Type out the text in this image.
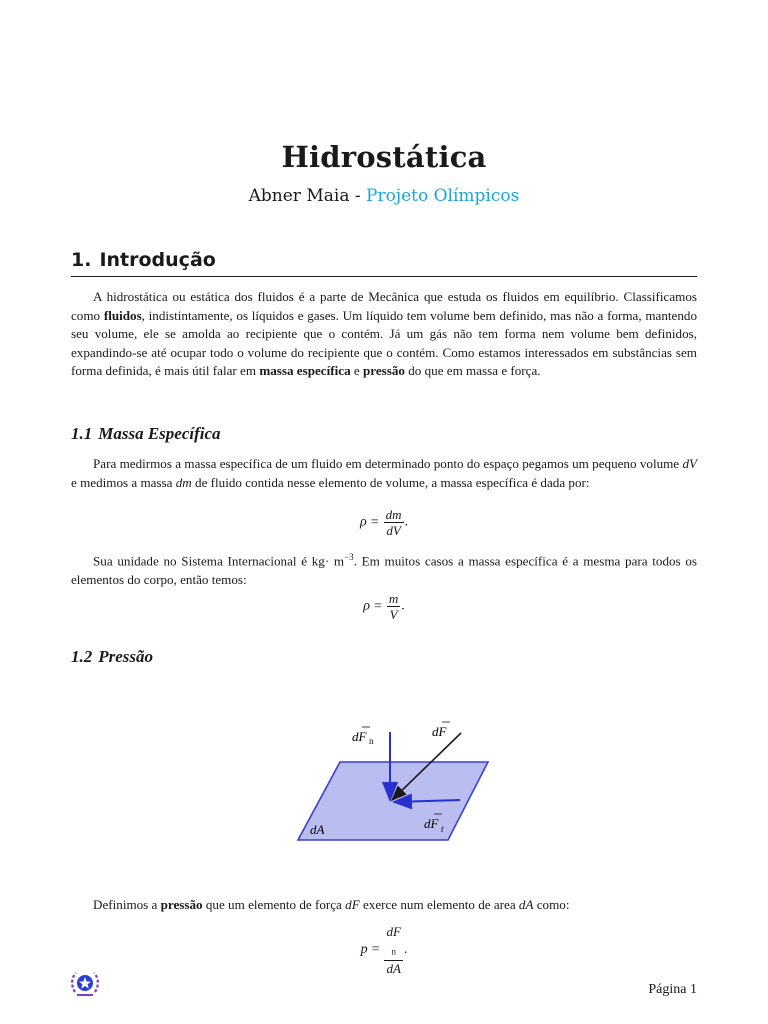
Hidrostática
Abner Maia - Projeto Olímpicos
1. Introdução

A hidrostática ou estática dos fluidos é a parte de Mecânica que estuda os fluidos em equilíbrio. Classificamos como fluidos, indistintamente, os líquidos e gases. Um líquido tem volume bem definido, mas não a forma, mantendo seu volume, ele se amolda ao recipiente que o contém. Já um gás não tem forma nem volume bem definidos, expandindo-se até ocupar todo o volume do recipiente que o contém. Como estamos interessados em substâncias sem forma definida, é mais útil falar em massa específica e pressão do que em massa e força.

1.1 Massa Específica

Para medirmos a massa específica de um fluido em determinado ponto do espaço pegamos um pequeno volume dV e medimos a massa dm de fluido contida nesse elemento de volume, a massa específica é dada por:

$\rho = \frac{dm}{dV}$ .

Sua unidade no Sistema Internacional é $kg\cdot m^{-3}$. Em muitos casos a massa específica é a mesma para todos os elementos do corpo, então temos:

$\rho = \frac{m}{V}$ .
1.2 Pressão
dF n
dF
dF t
dA

Definimos a pressão que um elemento de força dF exerce num elemento de area dA como:

p = dF
$_n$
dA .
Página 1
